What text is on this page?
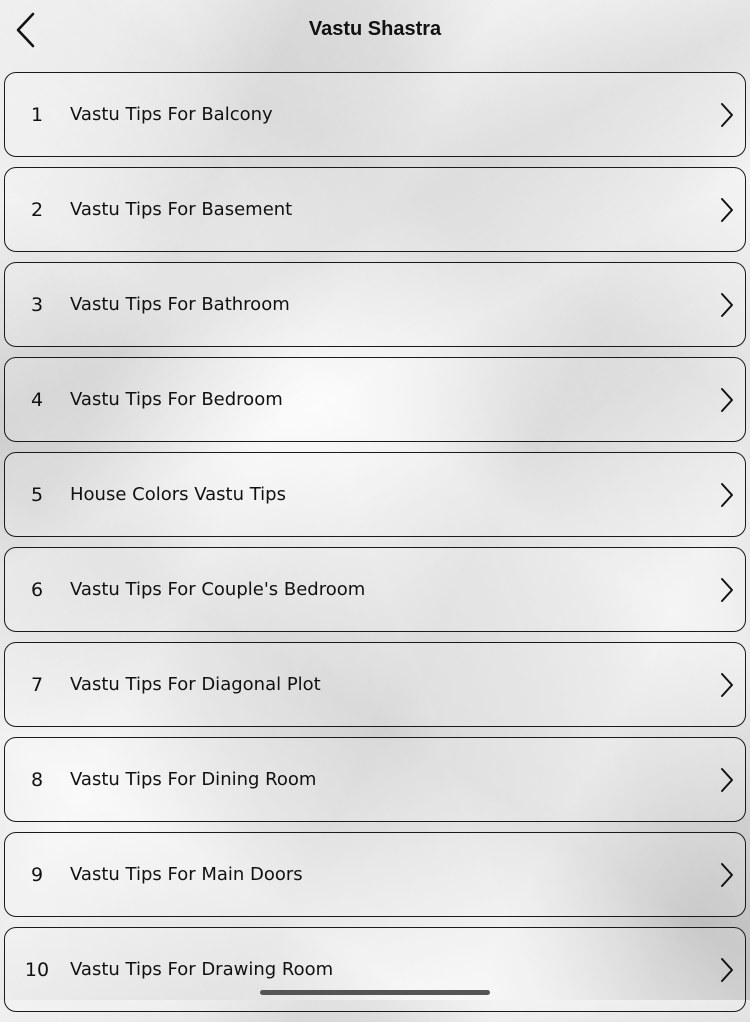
Vastu Shastra
1	Vastu Tips For Balcony
2	Vastu Tips For Basement
3	Vastu Tips For Bathroom
4	Vastu Tips For Bedroom
5	House Colors Vastu Tips
6	Vastu Tips For Couple's Bedroom
7	Vastu Tips For Diagonal Plot
8	Vastu Tips For Dining Room
9	Vastu Tips For Main Doors
10	Vastu Tips For Drawing Room
